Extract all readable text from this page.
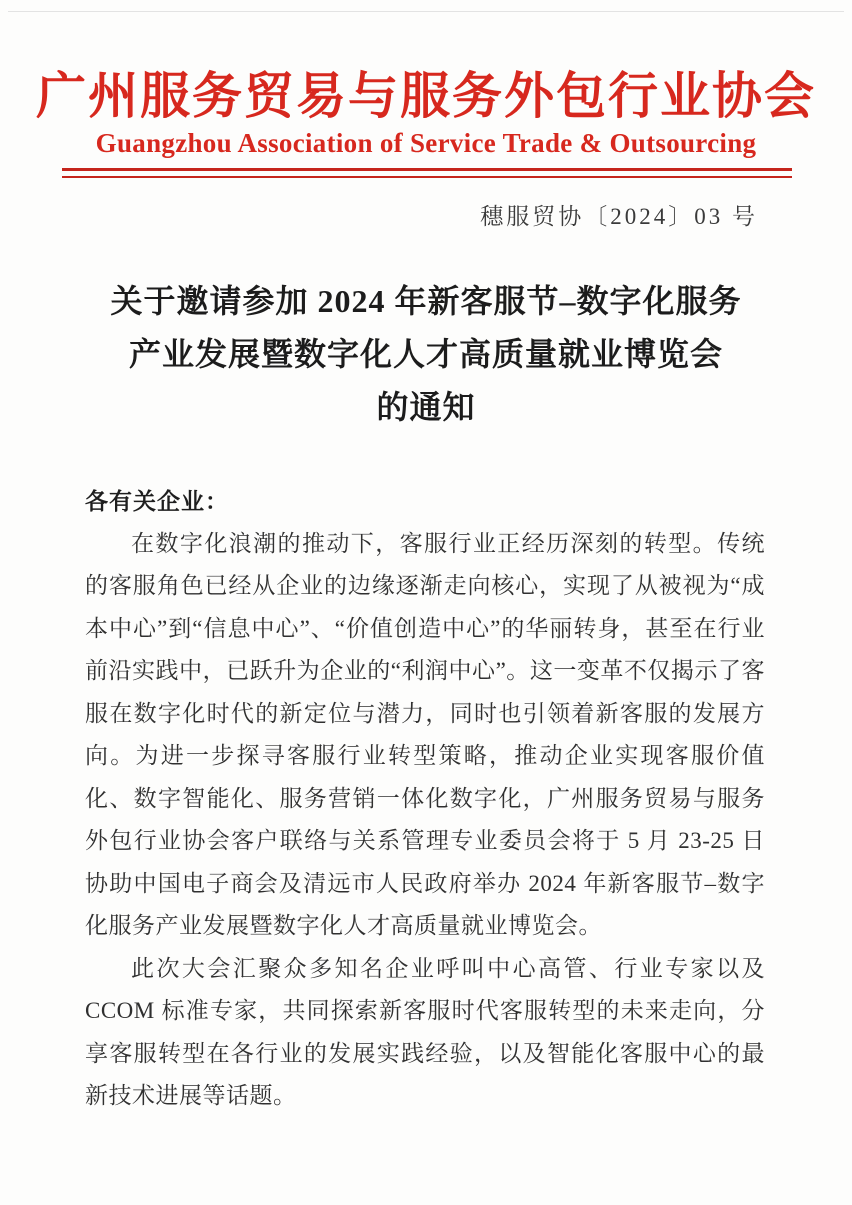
广州服务贸易与服务外包行业协会
Guangzhou Association of Service Trade & Outsourcing
穗服贸协〔2024〕03 号
关于邀请参加 2024 年新客服节–数字化服务
产业发展暨数字化人才高质量就业博览会
的通知

各有关企业：

在数字化浪潮的推动下，客服行业正经历深刻的转型。传统的客服角色已经从企业的边缘逐渐走向核心，实现了从被视为“成本中心”到“信息中心”、“价值创造中心”的华丽转身，甚至在行业前沿实践中，已跃升为企业的“利润中心”。这一变革不仅揭示了客服在数字化时代的新定位与潜力，同时也引领着新客服的发展方向。为进一步探寻客服行业转型策略，推动企业实现客服价值化、数字智能化、服务营销一体化数字化，广州服务贸易与服务外包行业协会客户联络与关系管理专业委员会将于 5 月 23-25 日协助中国电子商会及清远市人民政府举办 2024 年新客服节–数字化服务产业发展暨数字化人才高质量就业博览会。

此次大会汇聚众多知名企业呼叫中心高管、行业专家以及 CCOM 标准专家，共同探索新客服时代客服转型的未来走向，分享客服转型在各行业的发展实践经验，以及智能化客服中心的最新技术进展等话题。
